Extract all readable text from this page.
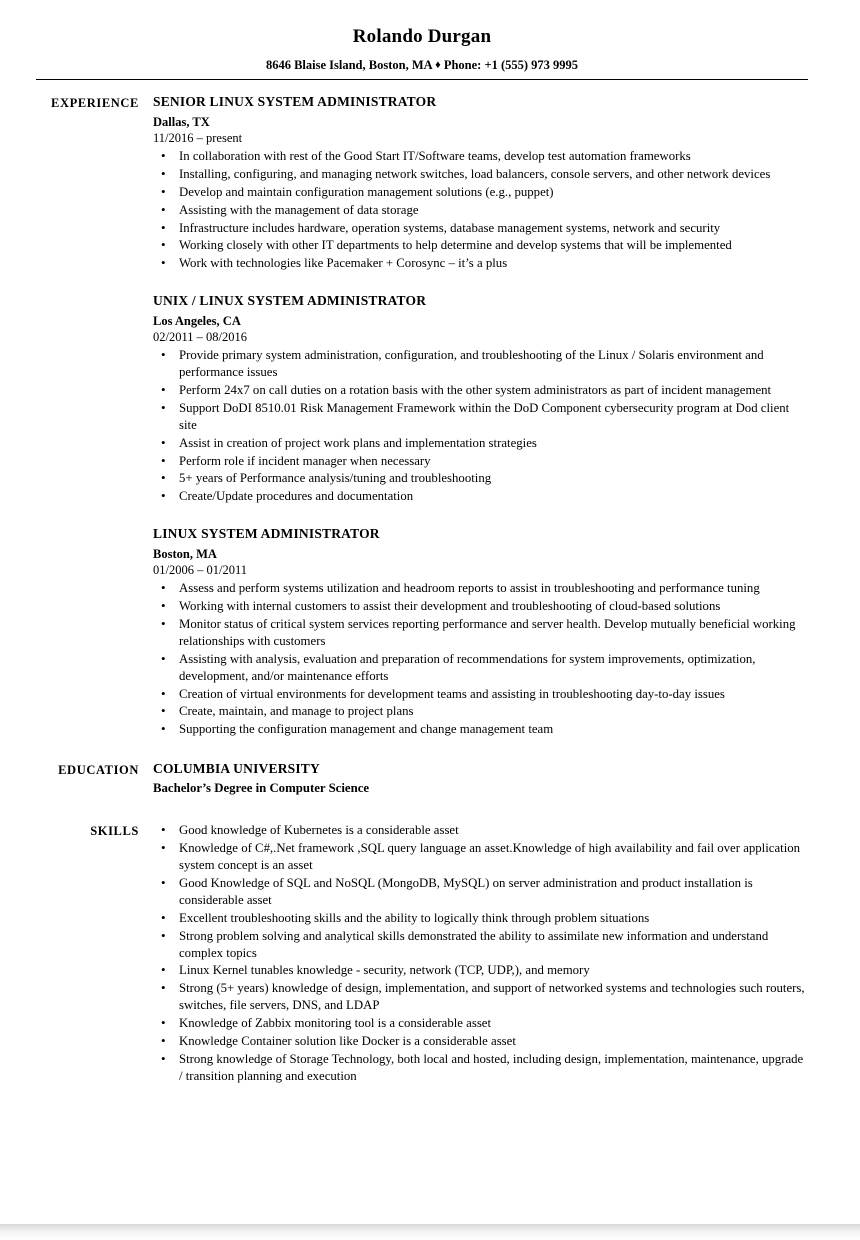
Rolando Durgan
8646 Blaise Island, Boston, MA ♦ Phone: +1 (555) 973 9995
EXPERIENCE	SENIOR LINUX SYSTEM ADMINISTRATOR
Dallas, TX
11/2016 – present
• In collaboration with rest of the Good Start IT/Software teams, develop test automation frameworks
• Installing, configuring, and managing network switches, load balancers, console servers, and other network devices
• Develop and maintain configuration management solutions (e.g., puppet)
• Assisting with the management of data storage
• Infrastructure includes hardware, operation systems, database management systems, network and security
• Working closely with other IT departments to help determine and develop systems that will be implemented
• Work with technologies like Pacemaker + Corosync – it’s a plus
UNIX / LINUX SYSTEM ADMINISTRATOR
Los Angeles, CA
02/2011 – 08/2016
• Provide primary system administration, configuration, and troubleshooting of the Linux / Solaris environment and performance issues
• Perform 24x7 on call duties on a rotation basis with the other system administrators as part of incident management
• Support DoDI 8510.01 Risk Management Framework within the DoD Component cybersecurity program at Dod client site
• Assist in creation of project work plans and implementation strategies
• Perform role if incident manager when necessary
• 5+ years of Performance analysis/tuning and troubleshooting
• Create/Update procedures and documentation
LINUX SYSTEM ADMINISTRATOR
Boston, MA
01/2006 – 01/2011
• Assess and perform systems utilization and headroom reports to assist in troubleshooting and performance tuning
• Working with internal customers to assist their development and troubleshooting of cloud-based solutions
• Monitor status of critical system services reporting performance and server health. Develop mutually beneficial working relationships with customers
• Assisting with analysis, evaluation and preparation of recommendations for system improvements, optimization, development, and/or maintenance efforts
• Creation of virtual environments for development teams and assisting in troubleshooting day-to-day issues
• Create, maintain, and manage to project plans
• Supporting the configuration management and change management team
EDUCATION	COLUMBIA UNIVERSITY
Bachelor’s Degree in Computer Science
SKILLS	• Good knowledge of Kubernetes is a considerable asset
• Knowledge of C#,.Net framework ,SQL query language an asset.Knowledge of high availability and fail over application system concept is an asset
• Good Knowledge of SQL and NoSQL (MongoDB, MySQL) on server administration and product installation is considerable asset
• Excellent troubleshooting skills and the ability to logically think through problem situations
• Strong problem solving and analytical skills demonstrated the ability to assimilate new information and understand complex topics
• Linux Kernel tunables knowledge - security, network (TCP, UDP,), and memory
• Strong (5+ years) knowledge of design, implementation, and support of networked systems and technologies such routers, switches, file servers, DNS, and LDAP
• Knowledge of Zabbix monitoring tool is a considerable asset
• Knowledge Container solution like Docker is a considerable asset
• Strong knowledge of Storage Technology, both local and hosted, including design, implementation, maintenance, upgrade / transition planning and execution
